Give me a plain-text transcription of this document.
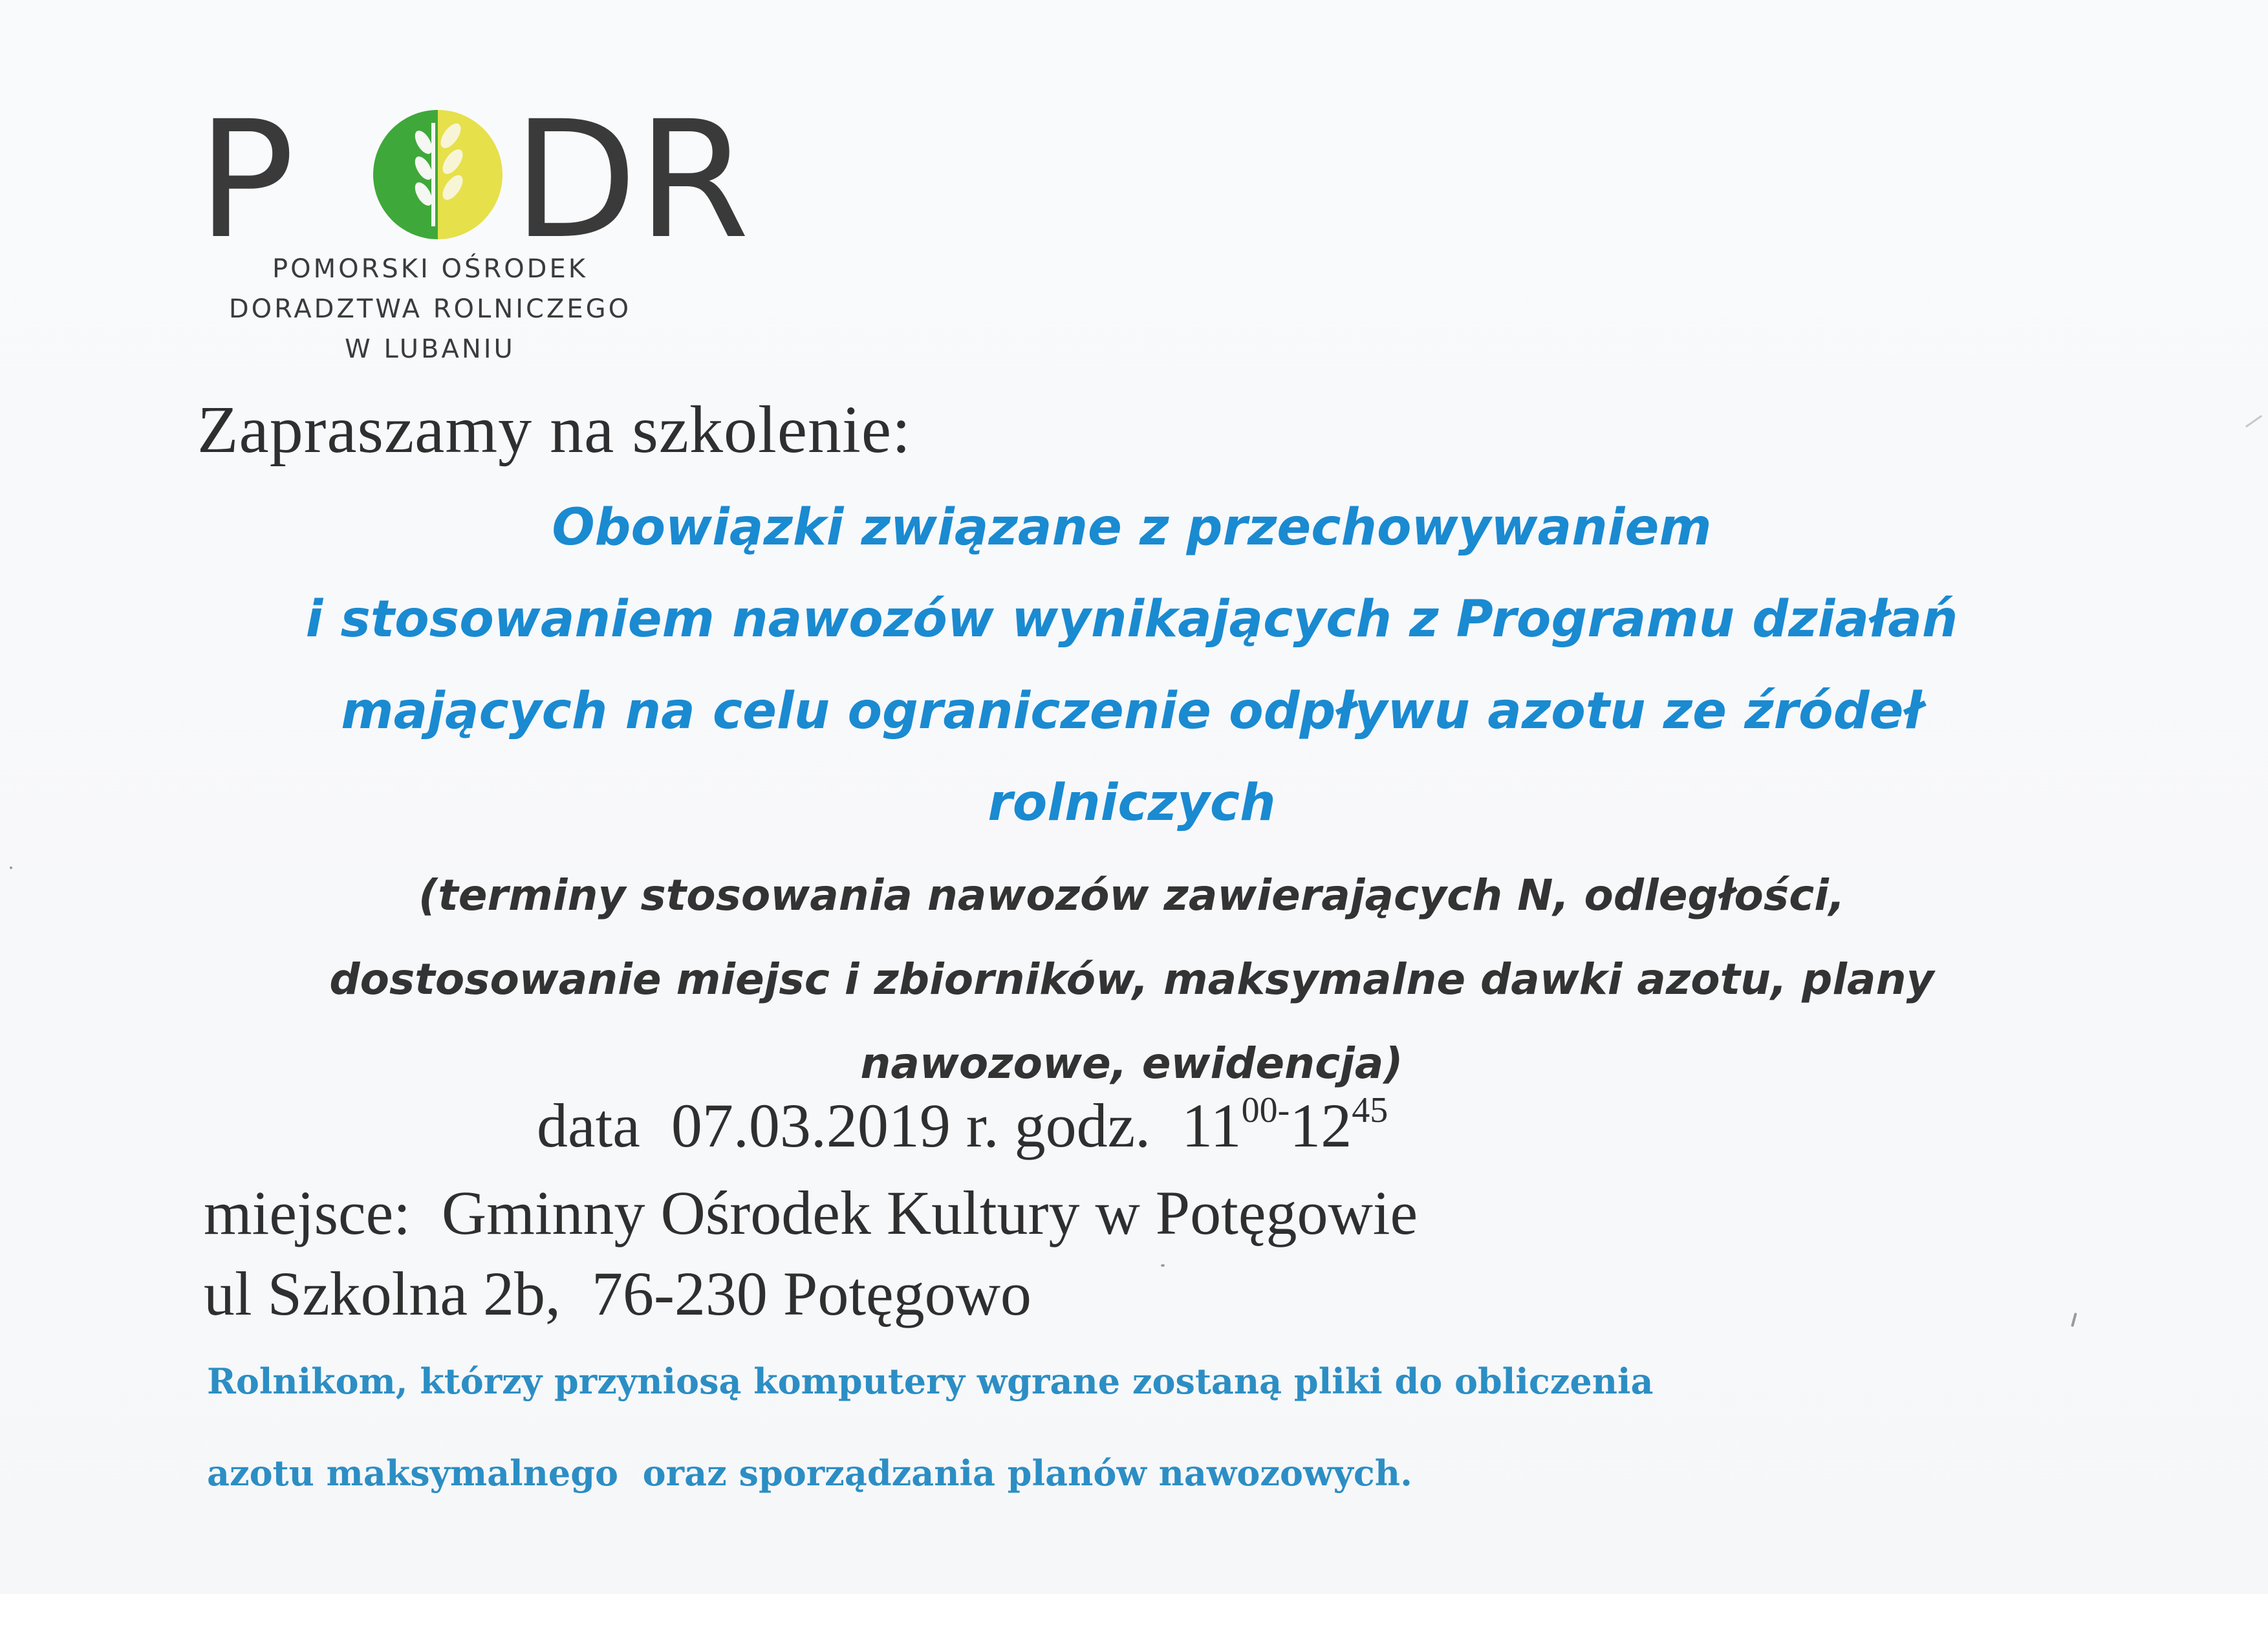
P DR
POMORSKI OŚRODEK
DORADZTWA ROLNICZEGO
W LUBANIU
Zapraszamy na szkolenie:
Obowiązki związane z przechowywaniem
i stosowaniem nawozów wynikających z Programu działań
mających na celu ograniczenie odpływu azotu ze źródeł
rolniczych
(terminy stosowania nawozów zawierających N, odległości,
dostosowanie miejsc i zbiorników, maksymalne dawki azotu, plany
nawozowe, ewidencja)
data 07.03.2019 r. godz. $11^{00-}12^{45}$
miejsce:  Gminny Ośrodek Kultury w Potęgowie
ul Szkolna 2b,  76-230 Potęgowo
Rolnikom, którzy przyniosą komputery wgrane zostaną pliki do obliczenia
azotu maksymalnego  oraz sporządzania planów nawozowych.
